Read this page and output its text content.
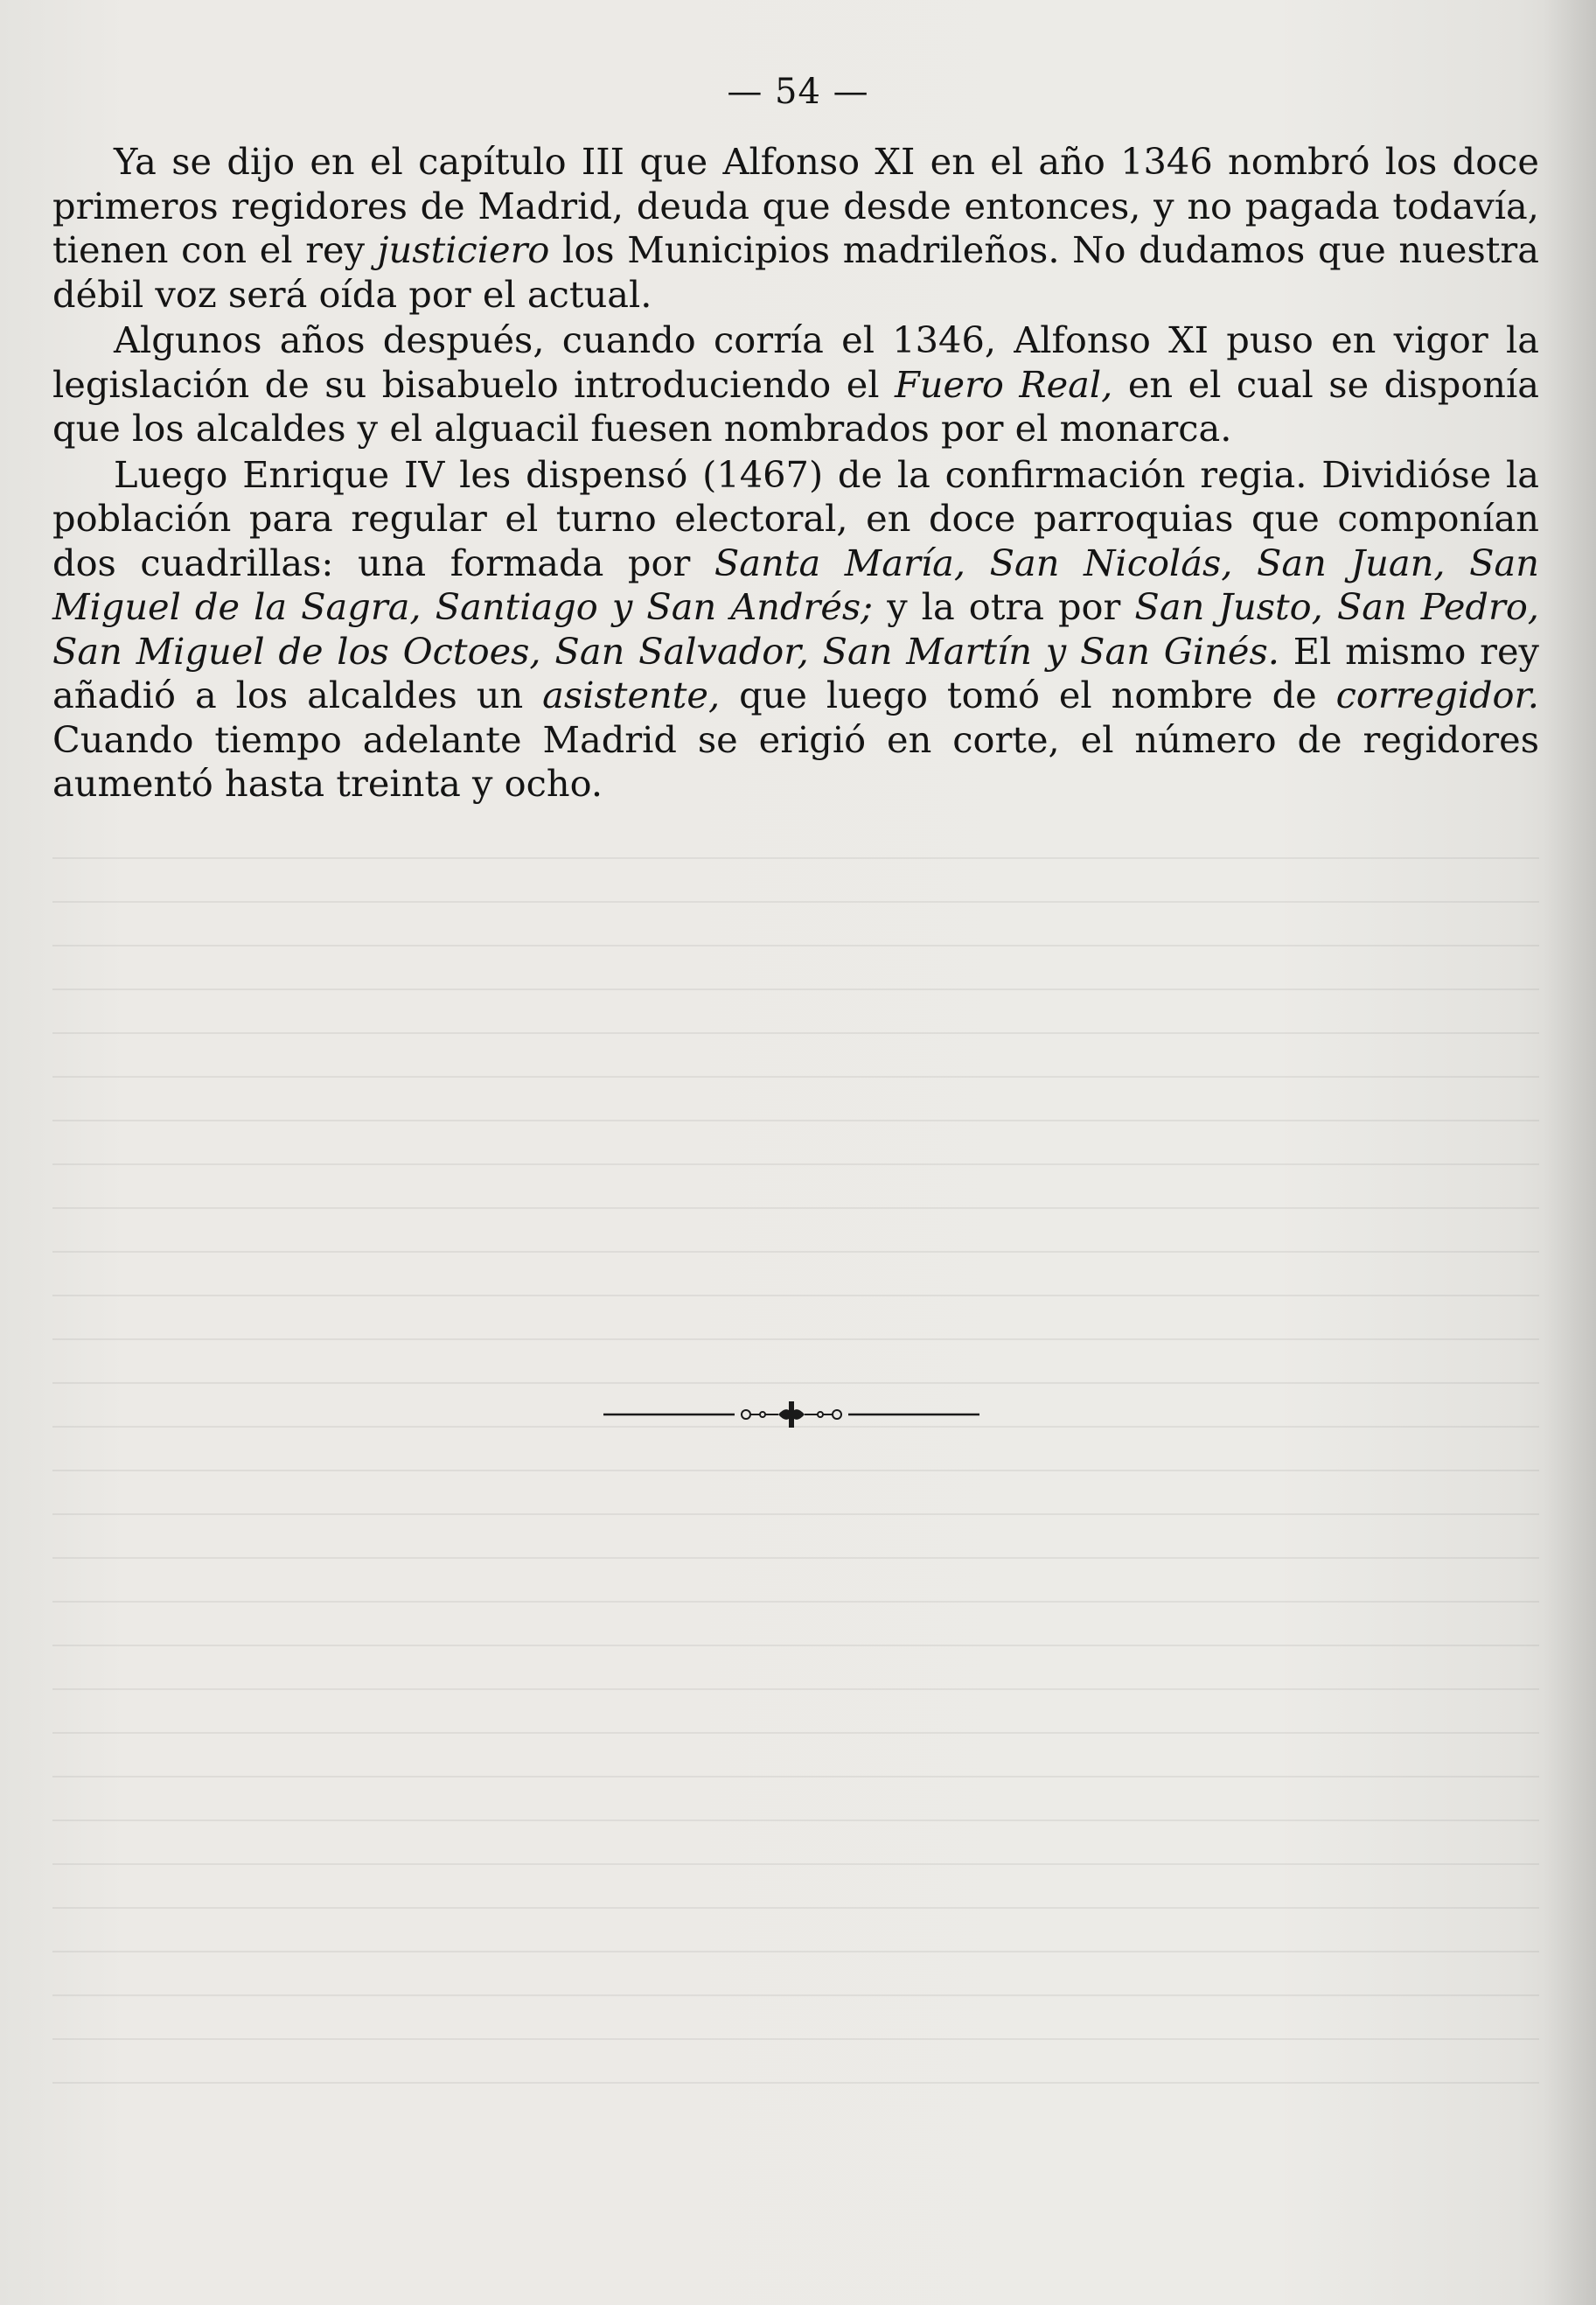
— 54 —

Ya se dijo en el capítulo III que Alfonso XI en el año 1346 nombró los doce primeros regidores de Madrid, deuda que desde entonces, y no pagada todavía, tienen con el rey justiciero los Municipios madrileños. No dudamos que nuestra débil voz será oída por el actual.

Algunos años después, cuando corría el 1346, Alfonso XI puso en vigor la legislación de su bisabuelo introduciendo el Fuero Real, en el cual se disponía que los alcaldes y el alguacil fuesen nombrados por el monarca.

Luego Enrique IV les dispensó (1467) de la confirmación regia. Dividióse la población para regular el turno electoral, en doce parroquias que componían dos cuadrillas: una formada por Santa María, San Nicolás, San Juan, San Miguel de la Sagra, Santiago y San Andrés; y la otra por San Justo, San Pedro, San Miguel de los Octoes, San Salvador, San Martín y San Ginés. El mismo rey añadió a los alcaldes un asistente, que luego tomó el nombre de corregidor. Cuando tiempo adelante Madrid se erigió en corte, el número de regidores aumentó hasta treinta y ocho.
